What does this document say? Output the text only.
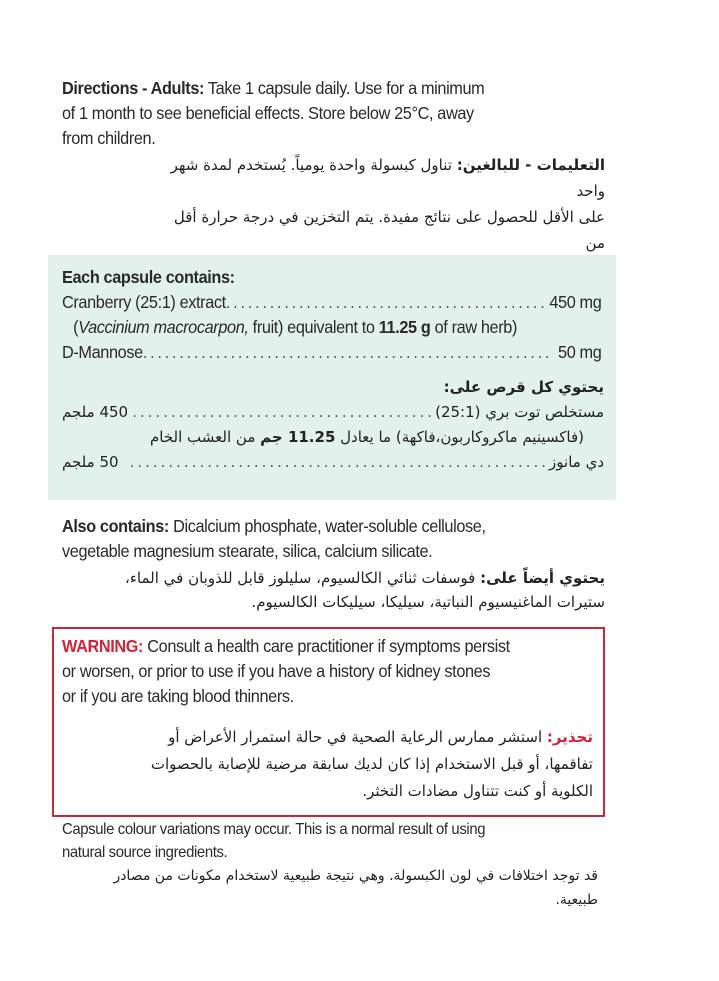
Directions - Adults: Take 1 capsule daily. Use for a minimum
of 1 month to see beneficial effects. Store below 25°C, away
from children.
التعليمات - للبالغين: تناول كبسولة واحدة يومياً. يُستخدم لمدة شهر واحد
على الأقل للحصول على نتائج مفيدة. يتم التخزين في درجة حرارة أقل من
Each capsule contains:
Cranberry (25:1) extract .....	450 mg
(Vaccinium macrocarpon, fruit) equivalent to 11.25 g of raw herb)
D-Mannose .....	50 mg
يحتوي كل قرص على:
مستخلص توت بري (25:1)
.....
450 ملجم
(فاكسينيم ماكروكاربون،فاكهة) ما يعادل 11.25 جم من العشب الخام
دي مانوز
.....
50 ملجم
Also contains: Dicalcium phosphate, water-soluble cellulose,
vegetable magnesium stearate, silica, calcium silicate.
يحتوي أيضاً على: فوسفات ثنائي الكالسيوم، سليلوز قابل للذوبان في الماء،
ستيرات الماغنيسيوم النباتية، سيليكا، سيليكات الكالسيوم.
WARNING: Consult a health care practitioner if symptoms persist
or worsen, or prior to use if you have a history of kidney stones
or if you are taking blood thinners.
تحذير: استشر ممارس الرعاية الصحية في حالة استمرار الأعراض أو
تفاقمها، أو قبل الاستخدام إذا كان لديك سابقة مرضية للإصابة بالحصوات
الكلوية أو كنت تتناول مضادات التخثر.
Capsule colour variations may occur. This is a normal result of using
natural source ingredients.
قد توجد اختلافات في لون الكبسولة. وهي نتيجة طبيعية لاستخدام مكونات من مصادر
طبيعية.
